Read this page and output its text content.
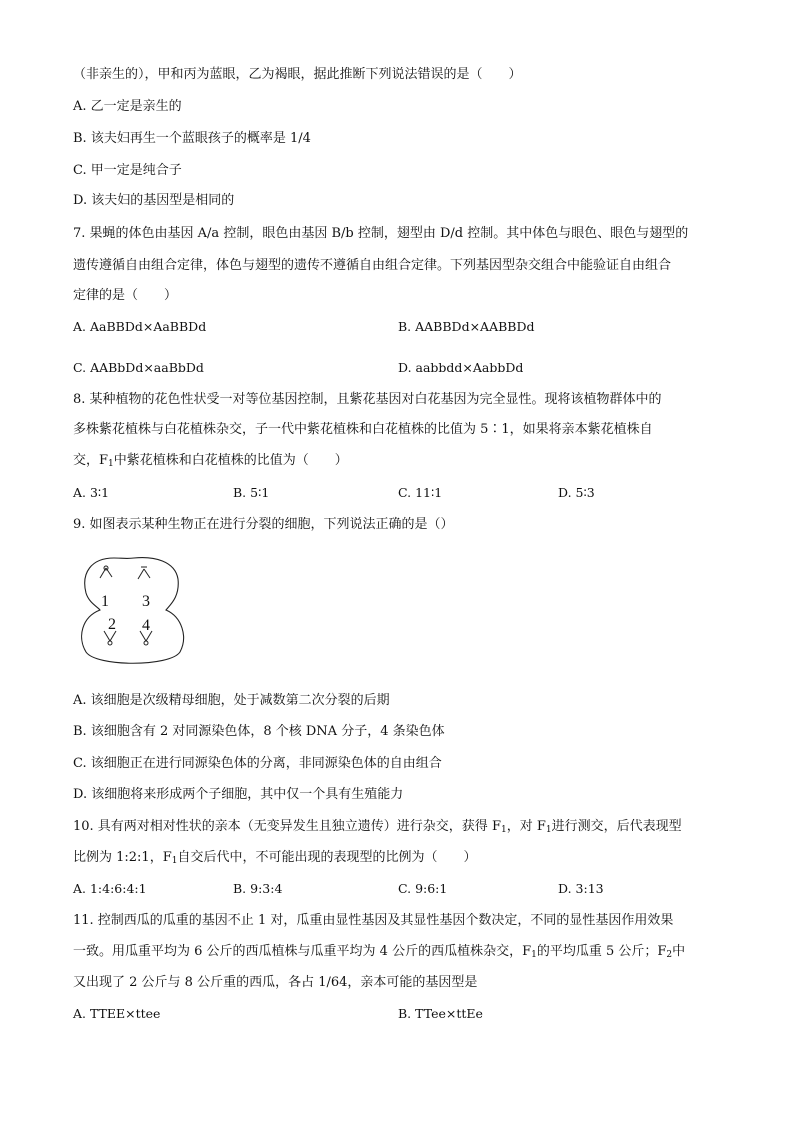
（非亲生的），甲和丙为蓝眼，乙为褐眼，据此推断下列说法错误的是（　　）
A. 乙一定是亲生的
B. 该夫妇再生一个蓝眼孩子的概率是 1/4
C. 甲一定是纯合子
D. 该夫妇的基因型是相同的
7. 果蝇的体色由基因 A/a 控制，眼色由基因 B/b 控制，翅型由 D/d 控制。其中体色与眼色、眼色与翅型的
遗传遵循自由组合定律，体色与翅型的遗传不遵循自由组合定律。下列基因型杂交组合中能验证自由组合
定律的是（　　）
A. AaBBDd×AaBBDd	B. AABBDd×AABBDd
C. AABbDd×aaBbDd	D. aabbdd×AabbDd
8. 某种植物的花色性状受一对等位基因控制，且紫花基因对白花基因为完全显性。现将该植物群体中的
多株紫花植株与白花植株杂交，子一代中紫花植株和白花植株的比值为 5∶1，如果将亲本紫花植株自
交，$F_1$中紫花植株和白花植株的比值为（　　）
A. 3∶1	B. 5∶1	C. 11∶1	D. 5∶3
9. 如图表示某种生物正在进行分裂的细胞，下列说法正确的是（）
1 3
2 4
A. 该细胞是次级精母细胞，处于减数第二次分裂的后期
B. 该细胞含有 2 对同源染色体，8 个核 DNA 分子，4 条染色体
C. 该细胞正在进行同源染色体的分离，非同源染色体的自由组合
D. 该细胞将来形成两个子细胞，其中仅一个具有生殖能力
10. 具有两对相对性状的亲本（无变异发生且独立遗传）进行杂交，获得 $F_1$，对 $F_1$进行测交，后代表现型
比例为 1:2:1，$F_1$自交后代中，不可能出现的表现型的比例为（　　）
A. 1:4:6:4:1	B. 9:3:4	C. 9:6:1	D. 3:13
11. 控制西瓜的瓜重的基因不止 1 对，瓜重由显性基因及其显性基因个数决定，不同的显性基因作用效果
一致。用瓜重平均为 6 公斤的西瓜植株与瓜重平均为 4 公斤的西瓜植株杂交，$F_1$的平均瓜重 5 公斤；$F_2$中
又出现了 2 公斤与 8 公斤重的西瓜，各占 1/64，亲本可能的基因型是
A. TTEE×ttee	B. TTee×ttEe
